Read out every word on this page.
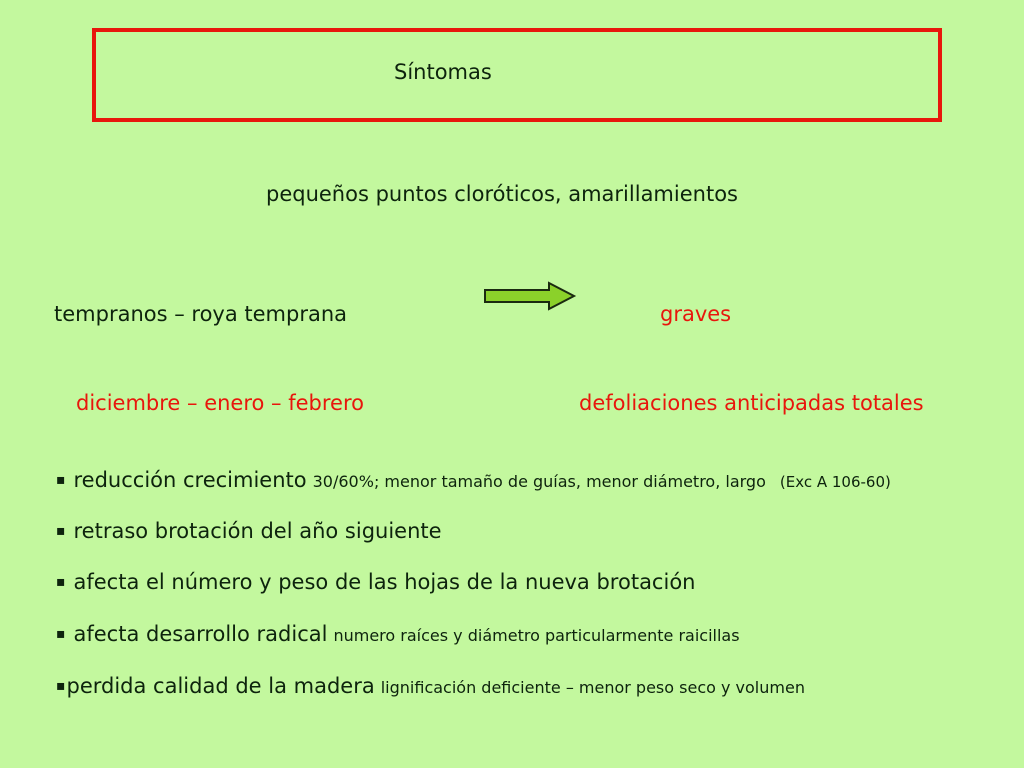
Síntomas
pequeños puntos cloróticos, amarillamientos
tempranos – roya temprana	graves
diciembre – enero – febrero	defoliaciones anticipadas totales
▪ reducción crecimiento 30/60%; menor tamaño de guías, menor diámetro, largo (Exc A 106-60)
▪ retraso brotación del año siguiente
▪ afecta el número y peso de las hojas de la nueva brotación
▪ afecta desarrollo radical numero raíces y diámetro particularmente raicillas
▪ perdida calidad de la madera lignificación deficiente – menor peso seco y volumen
